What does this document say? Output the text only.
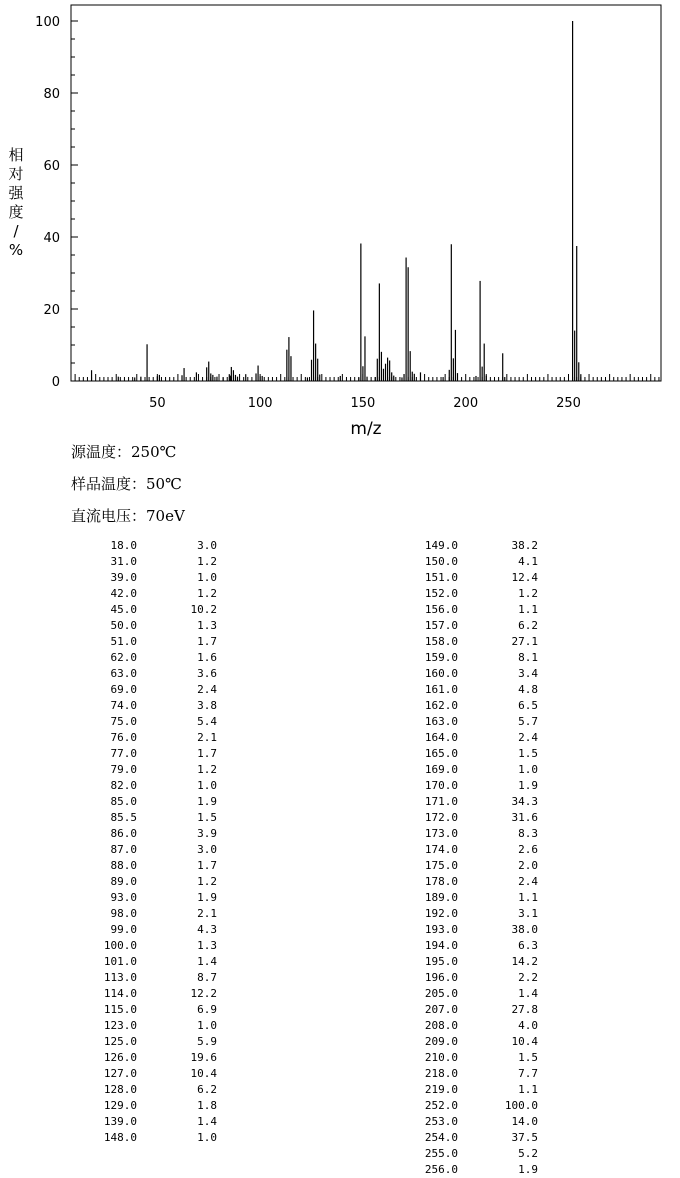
50	100	150	200	250
0
20
40
60
80
100
m/z
相
对
强
度
/
%
源温度：250℃
样品温度：50℃
直流电压：70eV
18.0	3.0
31.0	1.2
39.0	1.0
42.0	1.2
45.0	10.2
50.0	1.3
51.0	1.7
62.0	1.6
63.0	3.6
69.0	2.4
74.0	3.8
75.0	5.4
76.0	2.1
77.0	1.7
79.0	1.2
82.0	1.0
85.0	1.9
85.5	1.5
86.0	3.9
87.0	3.0
88.0	1.7
89.0	1.2
93.0	1.9
98.0	2.1
99.0	4.3
100.0	1.3
101.0	1.4
113.0	8.7
114.0	12.2
115.0	6.9
123.0	1.0
125.0	5.9
126.0	19.6
127.0	10.4
128.0	6.2
129.0	1.8
139.0	1.4
148.0	1.0
149.0	38.2
150.0	4.1
151.0	12.4
152.0	1.2
156.0	1.1
157.0	6.2
158.0	27.1
159.0	8.1
160.0	3.4
161.0	4.8
162.0	6.5
163.0	5.7
164.0	2.4
165.0	1.5
169.0	1.0
170.0	1.9
171.0	34.3
172.0	31.6
173.0	8.3
174.0	2.6
175.0	2.0
178.0	2.4
189.0	1.1
192.0	3.1
193.0	38.0
194.0	6.3
195.0	14.2
196.0	2.2
205.0	1.4
207.0	27.8
208.0	4.0
209.0	10.4
210.0	1.5
218.0	7.7
219.0	1.1
252.0	100.0
253.0	14.0
254.0	37.5
255.0	5.2
256.0	1.9
